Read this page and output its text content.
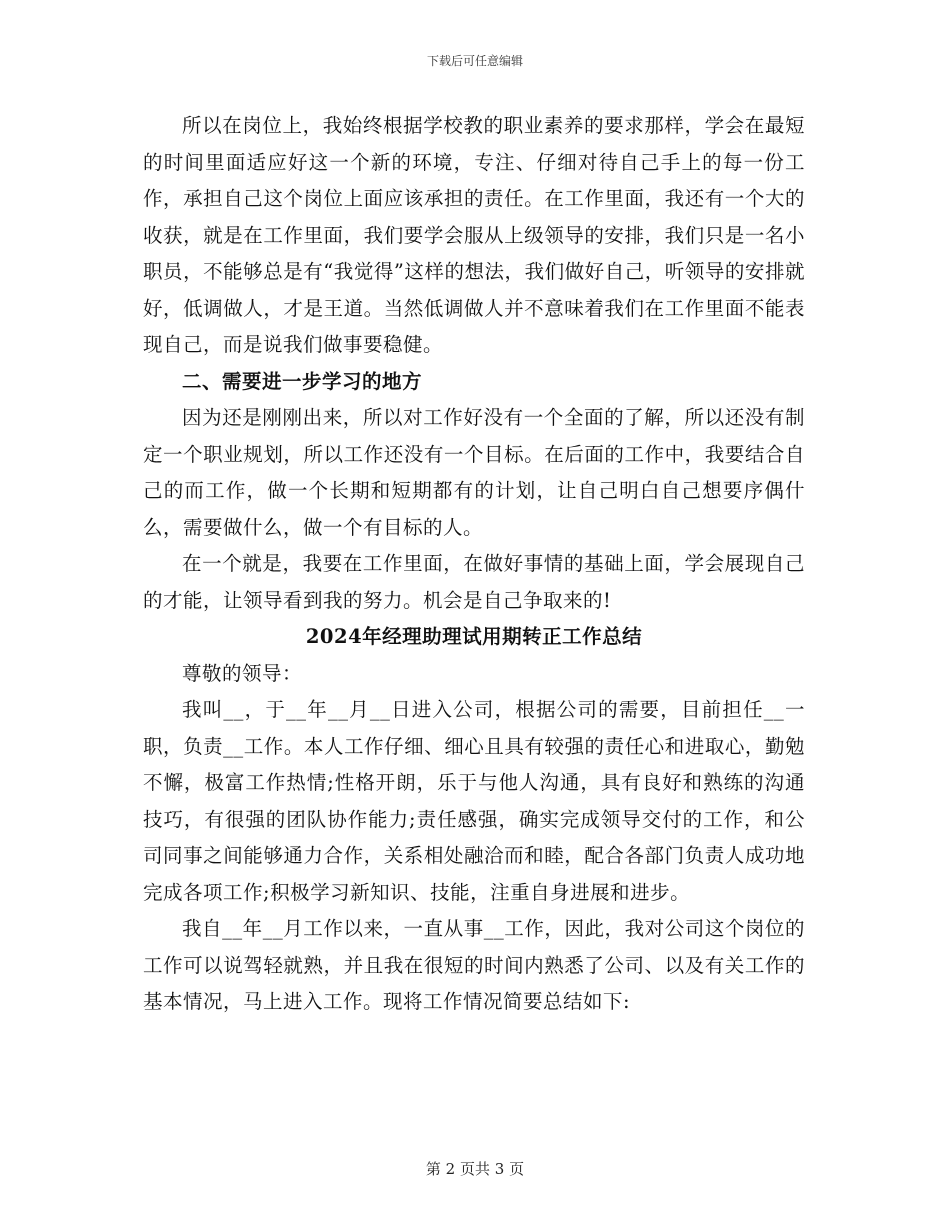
下载后可任意编辑

所以在岗位上，我始终根据学校教的职业素养的要求那样，学会在最短的时间里面适应好这一个新的环境，专注、仔细对待自己手上的每一份工作，承担自己这个岗位上面应该承担的责任。在工作里面，我还有一个大的收获，就是在工作里面，我们要学会服从上级领导的安排，我们只是一名小职员，不能够总是有“我觉得”这样的想法，我们做好自己，听领导的安排就好，低调做人，才是王道。当然低调做人并不意味着我们在工作里面不能表现自己，而是说我们做事要稳健。

二、需要进一步学习的地方

因为还是刚刚出来，所以对工作好没有一个全面的了解，所以还没有制定一个职业规划，所以工作还没有一个目标。在后面的工作中，我要结合自己的而工作，做一个长期和短期都有的计划，让自己明白自己想要序偶什么，需要做什么，做一个有目标的人。

在一个就是，我要在工作里面，在做好事情的基础上面，学会展现自己的才能，让领导看到我的努力。机会是自己争取来的!

2024年经理助理试用期转正工作总结

尊敬的领导：

我叫__，于__年__月__日进入公司，根据公司的需要，目前担任__一职，负责__工作。本人工作仔细、细心且具有较强的责任心和进取心，勤勉不懈，极富工作热情;性格开朗，乐于与他人沟通，具有良好和熟练的沟通技巧，有很强的团队协作能力;责任感强，确实完成领导交付的工作，和公司同事之间能够通力合作，关系相处融洽而和睦，配合各部门负责人成功地完成各项工作;积极学习新知识、技能，注重自身进展和进步。

我自__年__月工作以来，一直从事__工作，因此，我对公司这个岗位的工作可以说驾轻就熟，并且我在很短的时间内熟悉了公司、以及有关工作的基本情况，马上进入工作。现将工作情况简要总结如下:

第 2 页共 3 页
